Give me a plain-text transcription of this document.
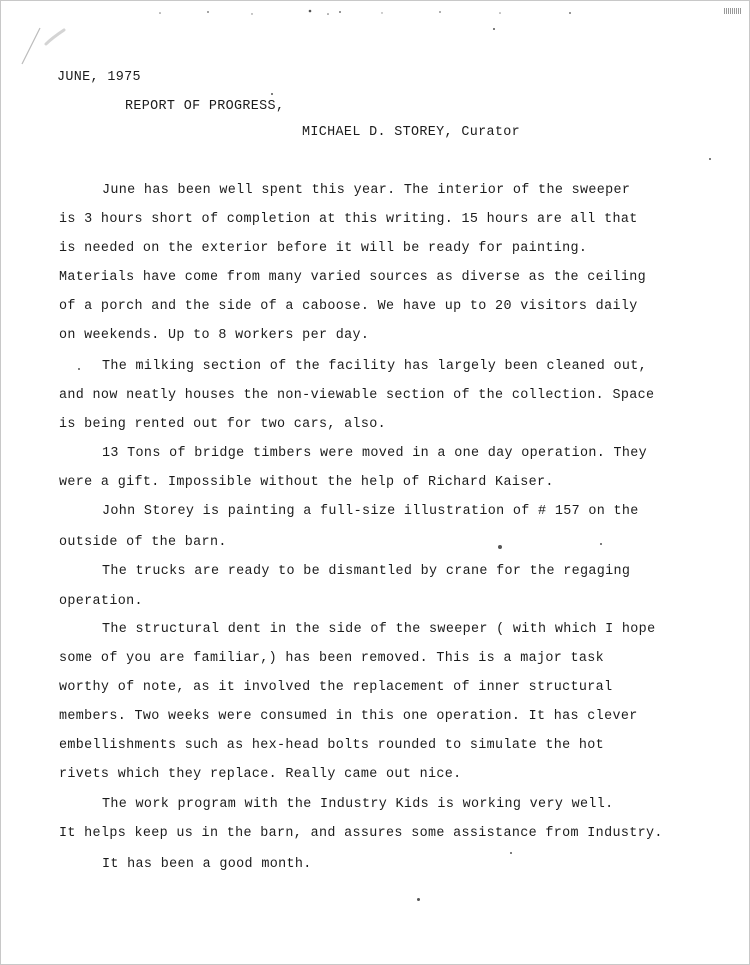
JUNE, 1975
REPORT OF PROGRESS,
MICHAEL D. STOREY, Curator
June has been well spent this year. The interior of the sweeper
is 3 hours short of completion at this writing. 15 hours are all that
is needed on the exterior before it will be ready for painting.
Materials have come from many varied sources as diverse as the ceiling
of a porch and the side of a caboose. We have up to 20 visitors daily
on weekends. Up to 8 workers per day.
The milking section of the facility has largely been cleaned out,
and now neatly houses the non-viewable section of the collection. Space
is being rented out for two cars, also.
13 Tons of bridge timbers were moved in a one day operation. They
were a gift. Impossible without the help of Richard Kaiser.
John Storey is painting a full-size illustration of # 157 on the
outside of the barn.
The trucks are ready to be dismantled by crane for the regaging
operation.
The structural dent in the side of the sweeper ( with which I hope
some of you are familiar,) has been removed. This is a major task
worthy of note, as it involved the replacement of inner structural
members. Two weeks were consumed in this one operation. It has clever
embellishments such as hex-head bolts rounded to simulate the hot
rivets which they replace. Really came out nice.
The work program with the Industry Kids is working very well.
It helps keep us in the barn, and assures some assistance from Industry.
It has been a good month.
